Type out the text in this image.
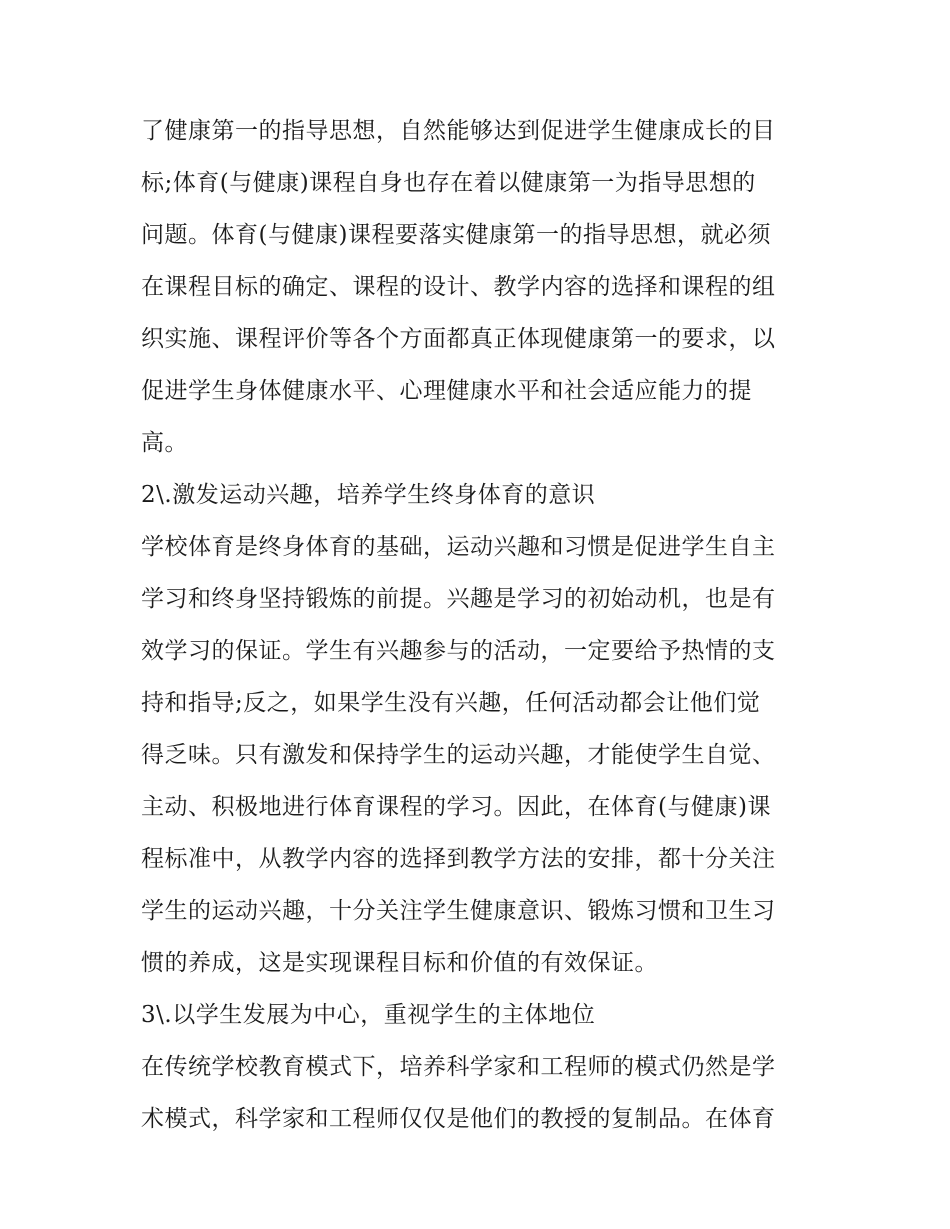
了健康第一的指导思想，自然能够达到促进学生健康成长的目

标;体育(与健康)课程自身也存在着以健康第一为指导思想的

问题。体育(与健康)课程要落实健康第一的指导思想，就必须

在课程目标的确定、课程的设计、教学内容的选择和课程的组

织实施、课程评价等各个方面都真正体现健康第一的要求，以

促进学生身体健康水平、心理健康水平和社会适应能力的提

高。

2\.激发运动兴趣，培养学生终身体育的意识

学校体育是终身体育的基础，运动兴趣和习惯是促进学生自主

学习和终身坚持锻炼的前提。兴趣是学习的初始动机，也是有

效学习的保证。学生有兴趣参与的活动，一定要给予热情的支

持和指导;反之，如果学生没有兴趣，任何活动都会让他们觉

得乏味。只有激发和保持学生的运动兴趣，才能使学生自觉、

主动、积极地进行体育课程的学习。因此，在体育(与健康)课

程标准中，从教学内容的选择到教学方法的安排，都十分关注

学生的运动兴趣，十分关注学生健康意识、锻炼习惯和卫生习

惯的养成，这是实现课程目标和价值的有效保证。

3\.以学生发展为中心，重视学生的主体地位

在传统学校教育模式下，培养科学家和工程师的模式仍然是学

术模式，科学家和工程师仅仅是他们的教授的复制品。在体育
